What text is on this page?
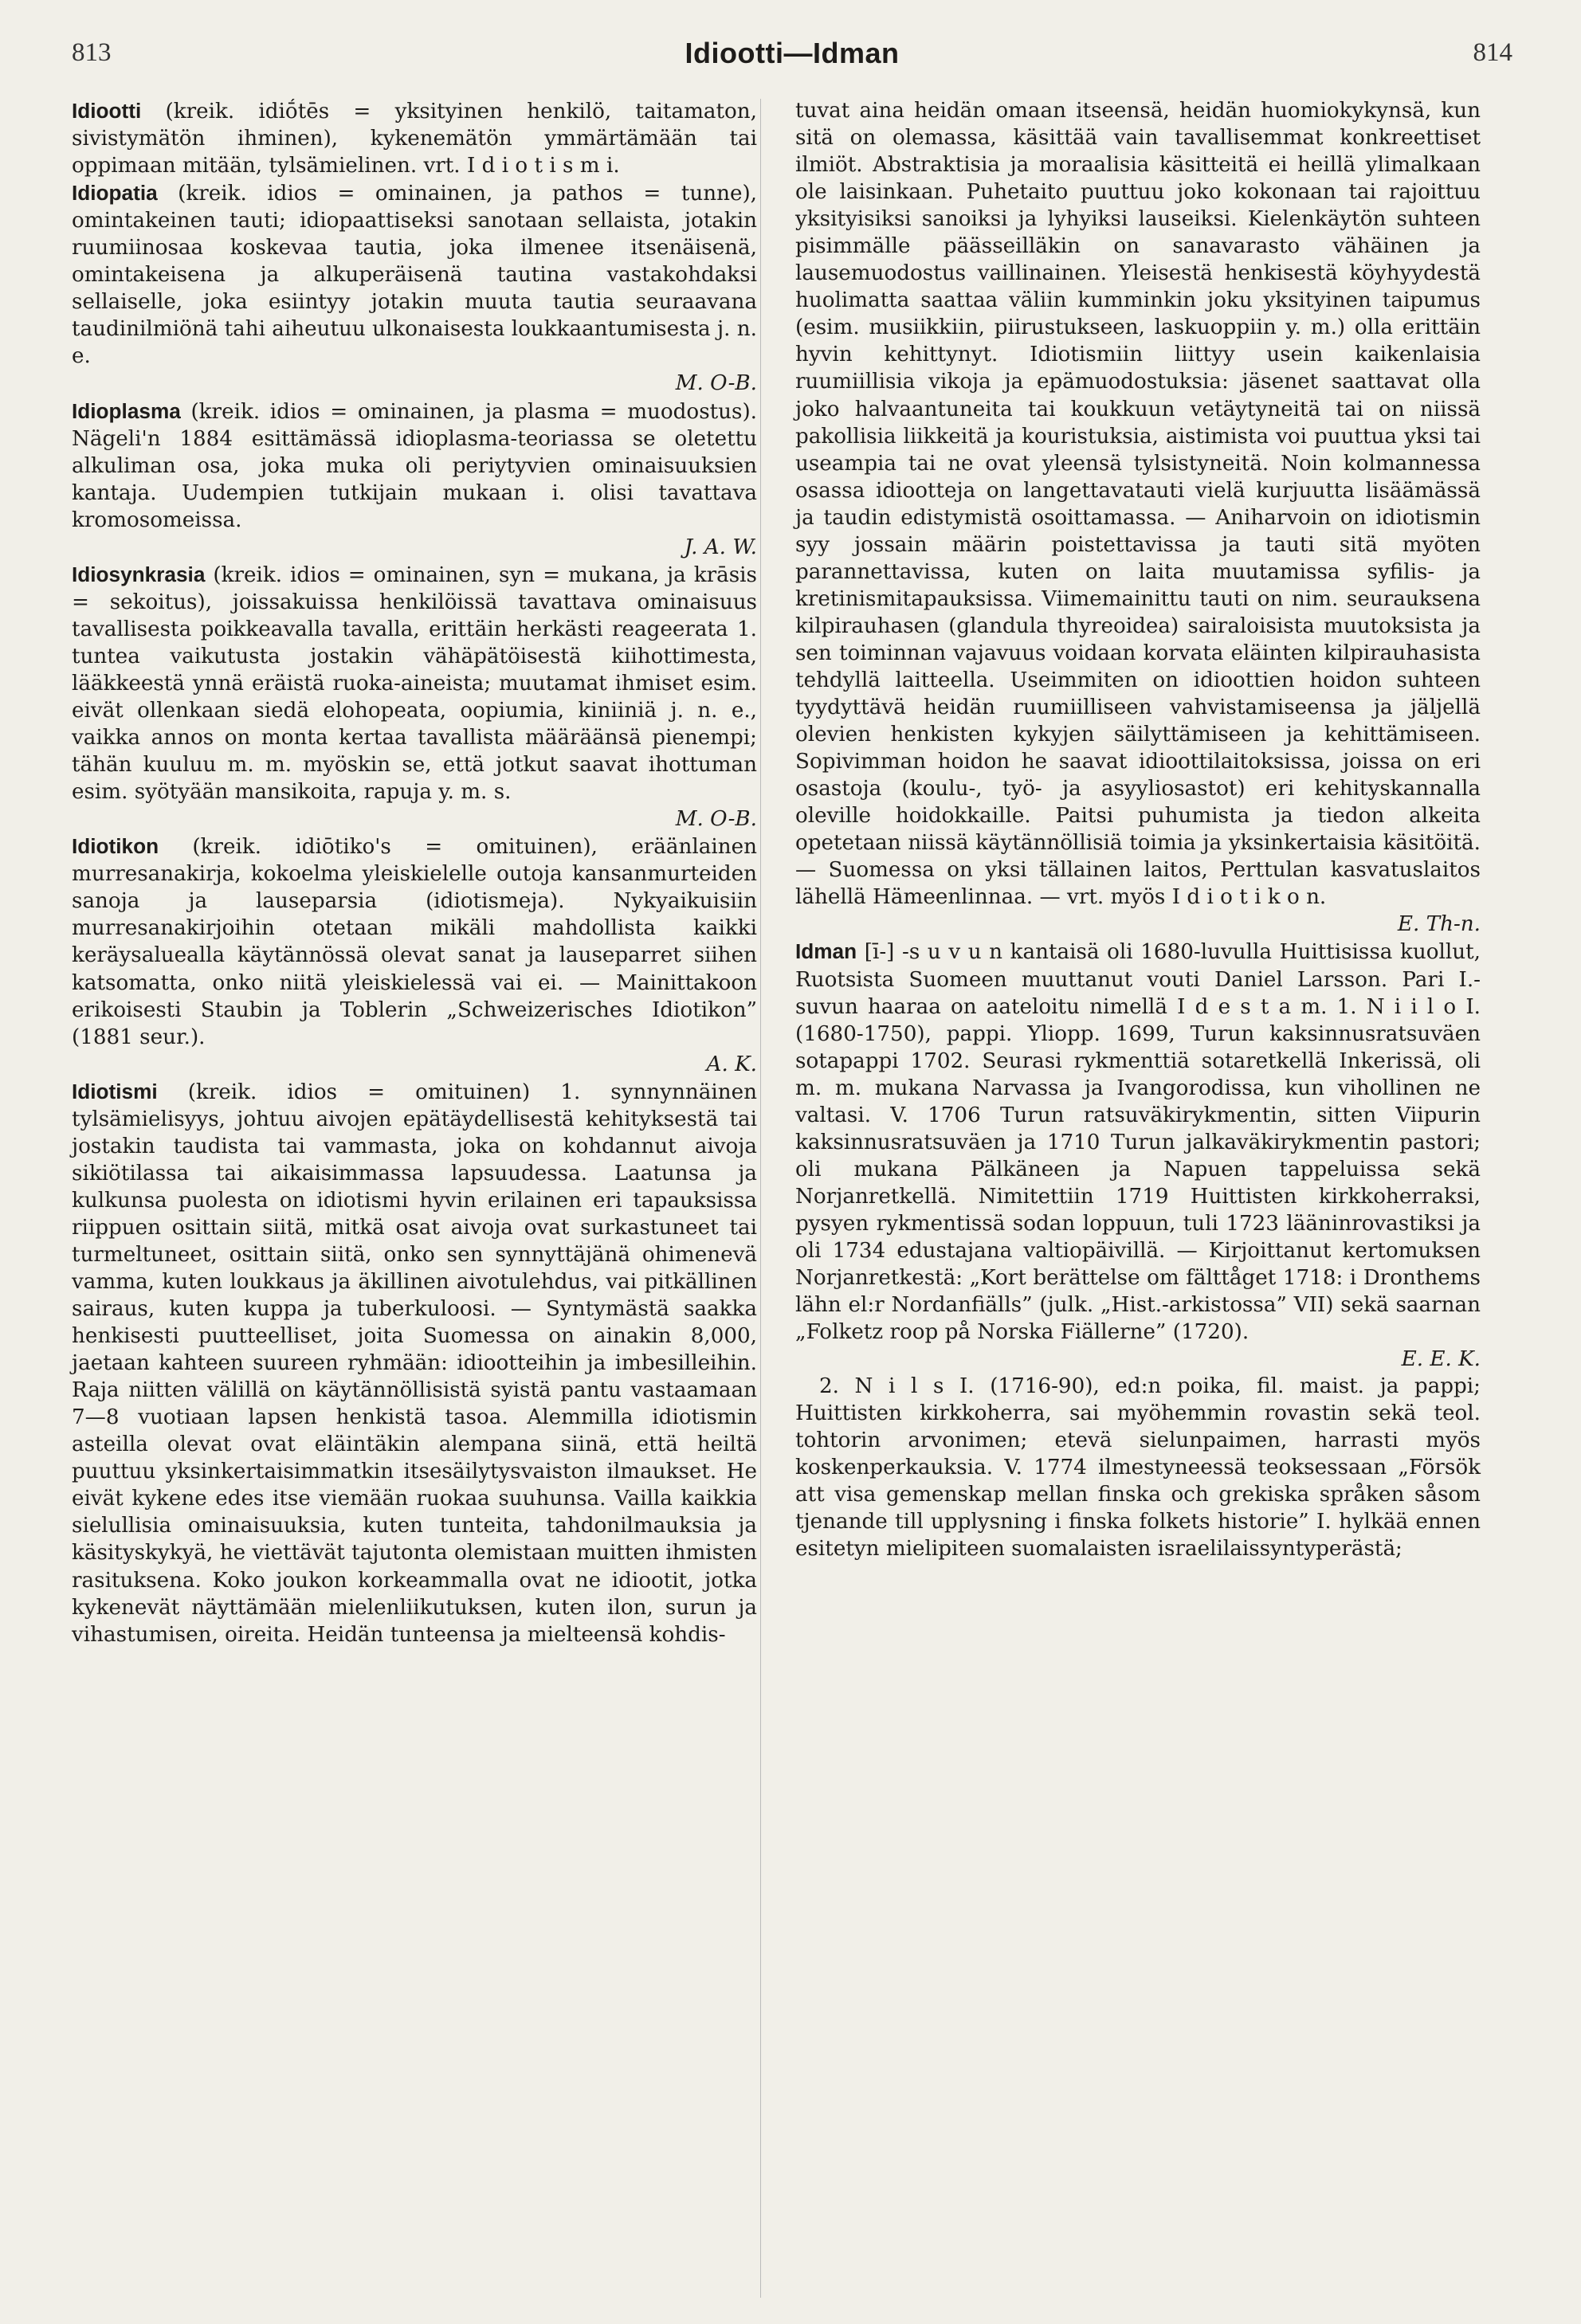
813	Idiootti—Idman	814

Idiootti (kreik. idiṓtēs = yksityinen henkilö, taitamaton, sivistymätön ihminen), kykenemätön ymmärtämään tai oppimaan mitään, tylsämielinen. vrt. I d i o t i s m i.

Idiopatia (kreik. idios = ominainen, ja pathos = tunne), omintakeinen tauti; idiopaattiseksi sanotaan sellaista, jotakin ruumiinosaa koskevaa tautia, joka ilmenee itsenäisenä, omintakeisena ja alkuperäisenä tautina vastakohdaksi sellaiselle, joka esiintyy jotakin muuta tautia seuraavana taudinilmiönä tahi aiheutuu ulkonaisesta loukkaantumisesta j. n. e.
M. O-B.

Idioplasma (kreik. idios = ominainen, ja plasma = muodostus). Nägeli'n 1884 esittämässä idioplasma-teoriassa se oletettu alkuliman osa, joka muka oli periytyvien ominaisuuksien kantaja. Uudempien tutkijain mukaan i. olisi tavattava kromosomeissa.
J. A. W.

Idiosynkrasia (kreik. idios = ominainen, syn = mukana, ja krāsis = sekoitus), joissakuissa henkilöissä tavattava ominaisuus tavallisesta poikkeavalla tavalla, erittäin herkästi reageerata 1. tuntea vaikutusta jostakin vähäpätöisestä kiihottimesta, lääkkeestä ynnä eräistä ruoka-aineista; muutamat ihmiset esim. eivät ollenkaan siedä elohopeata, oopiumia, kiniiniä j. n. e., vaikka annos on monta kertaa tavallista määräänsä pienempi; tähän kuuluu m. m. myöskin se, että jotkut saavat ihottuman esim. syötyään mansikoita, rapuja y. m. s.
M. O-B.

Idiotikon (kreik. idiōtiko's = omituinen), eräänlainen murresanakirja, kokoelma yleiskielelle outoja kansanmurteiden sanoja ja lauseparsia (idiotismeja). Nykyaikuisiin murresanakirjoihin otetaan mikäli mahdollista kaikki keräysaluealla käytännössä olevat sanat ja lauseparret siihen katsomatta, onko niitä yleiskielessä vai ei. — Mainittakoon erikoisesti Staubin ja Toblerin „Schweizerisches Idiotikon” (1881 seur.).
A. K.

Idiotismi (kreik. idios = omituinen) 1. synnynnäinen tylsämielisyys, johtuu aivojen epätäydellisestä kehityksestä tai jostakin taudista tai vammasta, joka on kohdannut aivoja sikiötilassa tai aikaisimmassa lapsuudessa. Laatunsa ja kulkunsa puolesta on idiotismi hyvin erilainen eri tapauksissa riippuen osittain siitä, mitkä osat aivoja ovat surkastuneet tai turmeltuneet, osittain siitä, onko sen synnyttäjänä ohimenevä vamma, kuten loukkaus ja äkillinen aivotulehdus, vai pitkällinen sairaus, kuten kuppa ja tuberkuloosi. — Syntymästä saakka henkisesti puutteelliset, joita Suomessa on ainakin 8,000, jaetaan kahteen suureen ryhmään: idiootteihin ja imbesilleihin. Raja niitten välillä on käytännöllisistä syistä pantu vastaamaan 7—8 vuotiaan lapsen henkistä tasoa. Alemmilla idiotismin asteilla olevat ovat eläintäkin alempana siinä, että heiltä puuttuu yksinkertaisimmatkin itsesäilytysvaiston ilmaukset. He eivät kykene edes itse viemään ruokaa suuhunsa. Vailla kaikkia sielullisia ominaisuuksia, kuten tunteita, tahdonilmauksia ja käsityskykyä, he viettävät tajutonta olemistaan muitten ihmisten rasituksena. Koko joukon korkeammalla ovat ne idiootit, jotka kykenevät näyttämään mielenliikutuksen, kuten ilon, surun ja vihastumisen, oireita. Heidän tunteensa ja mielteensä kohdis-

tuvat aina heidän omaan itseensä, heidän huomiokykynsä, kun sitä on olemassa, käsittää vain tavallisemmat konkreettiset ilmiöt. Abstraktisia ja moraalisia käsitteitä ei heillä ylimalkaan ole laisinkaan. Puhetaito puuttuu joko kokonaan tai rajoittuu yksityisiksi sanoiksi ja lyhyiksi lauseiksi. Kielenkäytön suhteen pisimmälle päässeilläkin on sanavarasto vähäinen ja lausemuodostus vaillinainen. Yleisestä henkisestä köyhyydestä huolimatta saattaa väliin kumminkin joku yksityinen taipumus (esim. musiikkiin, piirustukseen, laskuoppiin y. m.) olla erittäin hyvin kehittynyt. Idiotismiin liittyy usein kaikenlaisia ruumiillisia vikoja ja epämuodostuksia: jäsenet saattavat olla joko halvaantuneita tai koukkuun vetäytyneitä tai on niissä pakollisia liikkeitä ja kouristuksia, aistimista voi puuttua yksi tai useampia tai ne ovat yleensä tylsistyneitä. Noin kolmannessa osassa idiootteja on langettavatauti vielä kurjuutta lisäämässä ja taudin edistymistä osoittamassa. — Aniharvoin on idiotismin syy jossain määrin poistettavissa ja tauti sitä myöten parannettavissa, kuten on laita muutamissa syfilis- ja kretinismitapauksissa. Viimemainittu tauti on nim. seurauksena kilpirauhasen (glandula thyreoidea) sairaloisista muutoksista ja sen toiminnan vajavuus voidaan korvata eläinten kilpirauhasista tehdyllä laitteella. Useimmiten on idioottien hoidon suhteen tyydyttävä heidän ruumiilliseen vahvistamiseensa ja jäljellä olevien henkisten kykyjen säilyttämiseen ja kehittämiseen. Sopivimman hoidon he saavat idioottilaitoksissa, joissa on eri osastoja (koulu-, työ- ja asyyliosastot) eri kehityskannalla oleville hoidokkaille. Paitsi puhumista ja tiedon alkeita opetetaan niissä käytännöllisiä toimia ja yksinkertaisia käsitöitä. — Suomessa on yksi tällainen laitos, Perttulan kasvatuslaitos lähellä Hämeenlinnaa. — vrt. myös I d i o t i k o n.
E. Th-n.

Idman [ī-] -s u v u n kantaisä oli 1680-luvulla Huittisissa kuollut, Ruotsista Suomeen muuttanut vouti Daniel Larsson. Pari I.-suvun haaraa on aateloitu nimellä I d e s t a m. 1. N i i l o I. (1680-1750), pappi. Yliopp. 1699, Turun kaksinnusratsuväen sotapappi 1702. Seurasi rykmenttiä sotaretkellä Inkerissä, oli m. m. mukana Narvassa ja Ivangorodissa, kun vihollinen ne valtasi. V. 1706 Turun ratsuväkirykmentin, sitten Viipurin kaksinnusratsuväen ja 1710 Turun jalkaväkirykmentin pastori; oli mukana Pälkäneen ja Napuen tappeluissa sekä Norjanretkellä. Nimitettiin 1719 Huittisten kirkkoherraksi, pysyen rykmentissä sodan loppuun, tuli 1723 lääninrovastiksi ja oli 1734 edustajana valtiopäivillä. — Kirjoittanut kertomuksen Norjanretkestä: „Kort berättelse om fälttåget 1718: i Dronthems lähn el:r Nordanfiälls” (julk. „Hist.-arkistossa” VII) sekä saarnan „Folketz roop på Norska Fiällerne” (1720).
E. E. K.

2. N i l s I. (1716-90), ed:n poika, fil. maist. ja pappi; Huittisten kirkkoherra, sai myöhemmin rovastin sekä teol. tohtorin arvonimen; etevä sielunpaimen, harrasti myös koskenperkauksia. V. 1774 ilmestyneessä teoksessaan „Försök att visa gemenskap mellan finska och grekiska språken såsom tjenande till upplysning i finska folkets historie” I. hylkää ennen esitetyn mielipiteen suomalaisten israelilaissyntyperästä;
